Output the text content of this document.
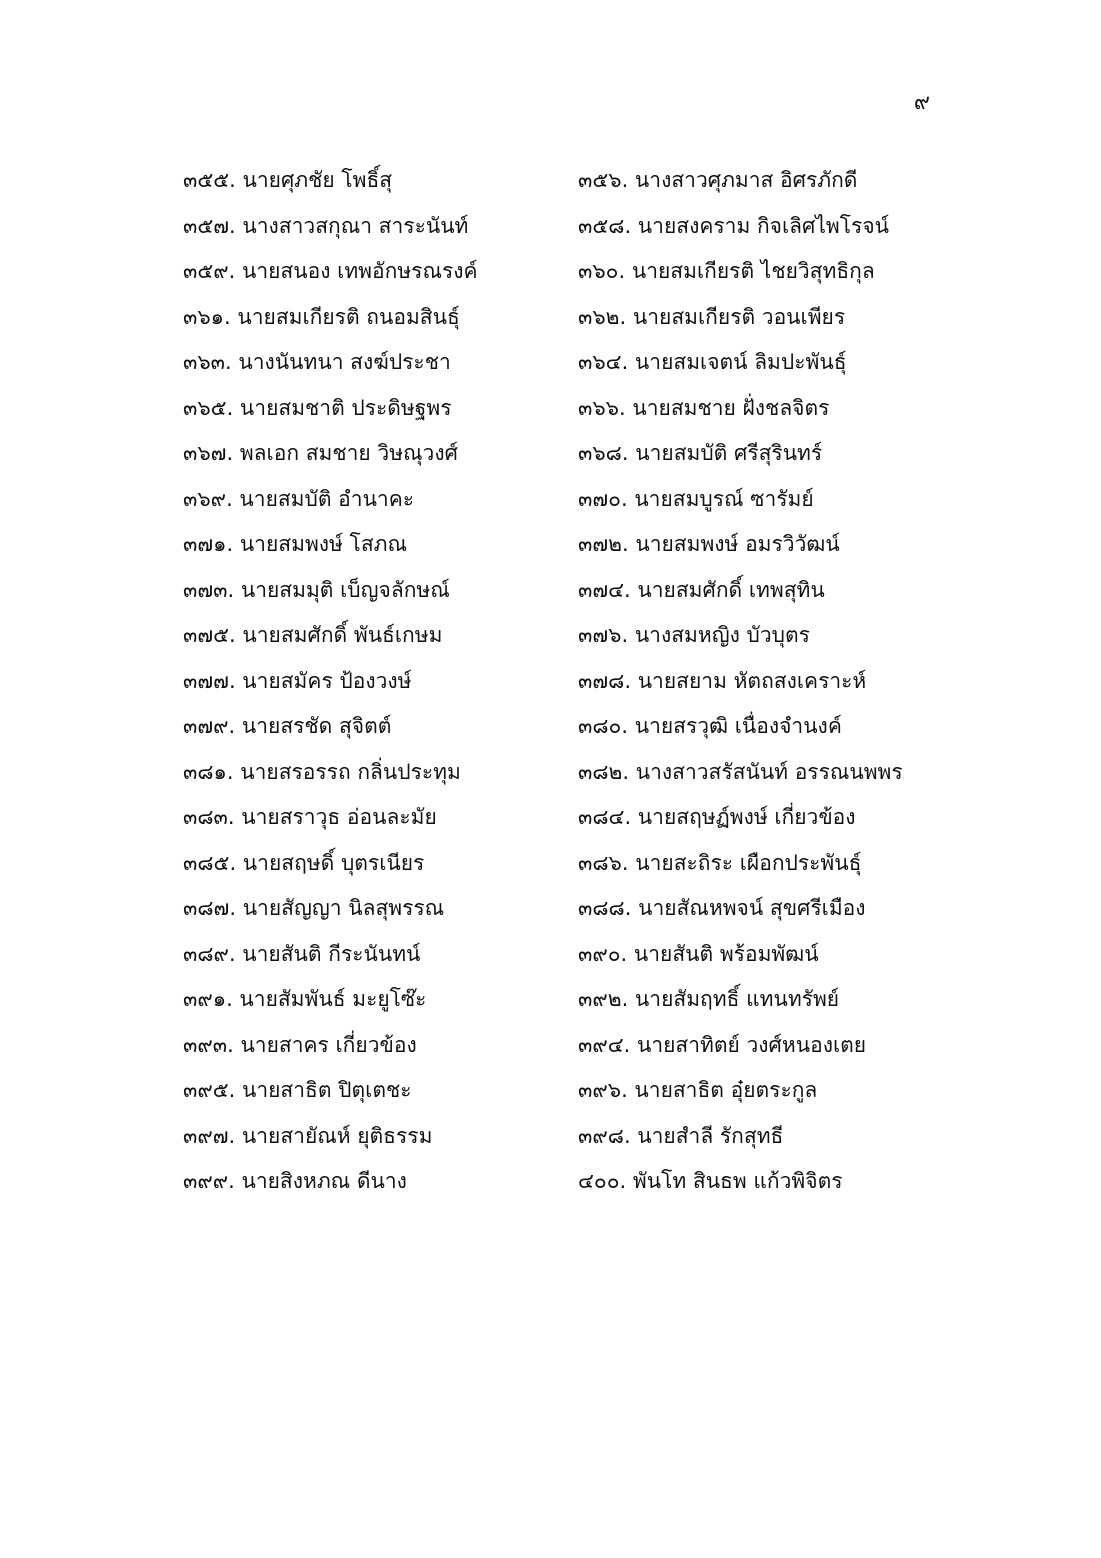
๙
๓๕๕. นายศุภชัย โพธิ์สุ	๓๕๖. นางสาวศุภมาส อิศรภักดี
๓๕๗. นางสาวสกุณา สาระนันท์	๓๕๘. นายสงคราม กิจเลิศไพโรจน์
๓๕๙. นายสนอง เทพอักษรณรงค์	๓๖๐. นายสมเกียรติ ไชยวิสุทธิกุล
๓๖๑. นายสมเกียรติ ถนอมสินธุ์	๓๖๒. นายสมเกียรติ วอนเพียร
๓๖๓. นางนันทนา สงฆ์ประชา	๓๖๔. นายสมเจตน์ ลิมปะพันธุ์
๓๖๕. นายสมชาติ ประดิษฐพร	๓๖๖. นายสมชาย ฝั่งชลจิตร
๓๖๗. พลเอก สมชาย วิษณุวงศ์	๓๖๘. นายสมบัติ ศรีสุรินทร์
๓๖๙. นายสมบัติ อำนาคะ	๓๗๐. นายสมบูรณ์ ซารัมย์
๓๗๑. นายสมพงษ์ โสภณ	๓๗๒. นายสมพงษ์ อมรวิวัฒน์
๓๗๓. นายสมมุติ เบ็ญจลักษณ์	๓๗๔. นายสมศักดิ์ เทพสุทิน
๓๗๕. นายสมศักดิ์ พันธ์เกษม	๓๗๖. นางสมหญิง บัวบุตร
๓๗๗. นายสมัคร ป้องวงษ์	๓๗๘. นายสยาม หัตถสงเคราะห์
๓๗๙. นายสรชัด สุจิตต์	๓๘๐. นายสรวุฒิ เนื่องจำนงค์
๓๘๑. นายสรอรรถ กลิ่นประทุม	๓๘๒. นางสาวสรัสนันท์ อรรณนพพร
๓๘๓. นายสราวุธ อ่อนละมัย	๓๘๔. นายสฤษฏ์พงษ์ เกี่ยวข้อง
๓๘๕. นายสฤษดิ์ บุตรเนียร	๓๘๖. นายสะถิระ เผือกประพันธุ์
๓๘๗. นายสัญญา นิลสุพรรณ	๓๘๘. นายสัณหพจน์ สุขศรีเมือง
๓๘๙. นายสันติ กีระนันทน์	๓๙๐. นายสันติ พร้อมพัฒน์
๓๙๑. นายสัมพันธ์ มะยูโซ๊ะ	๓๙๒. นายสัมฤทธิ์ แทนทรัพย์
๓๙๓. นายสาคร เกี่ยวข้อง	๓๙๔. นายสาทิตย์ วงศ์หนองเตย
๓๙๕. นายสาธิต ปิตุเตชะ	๓๙๖. นายสาธิต อุ๋ยตระกูล
๓๙๗. นายสายัณห์ ยุติธรรม	๓๙๘. นายสำลี รักสุทธี
๓๙๙. นายสิงหภณ ดีนาง	๔๐๐. พันโท สินธพ แก้วพิจิตร
